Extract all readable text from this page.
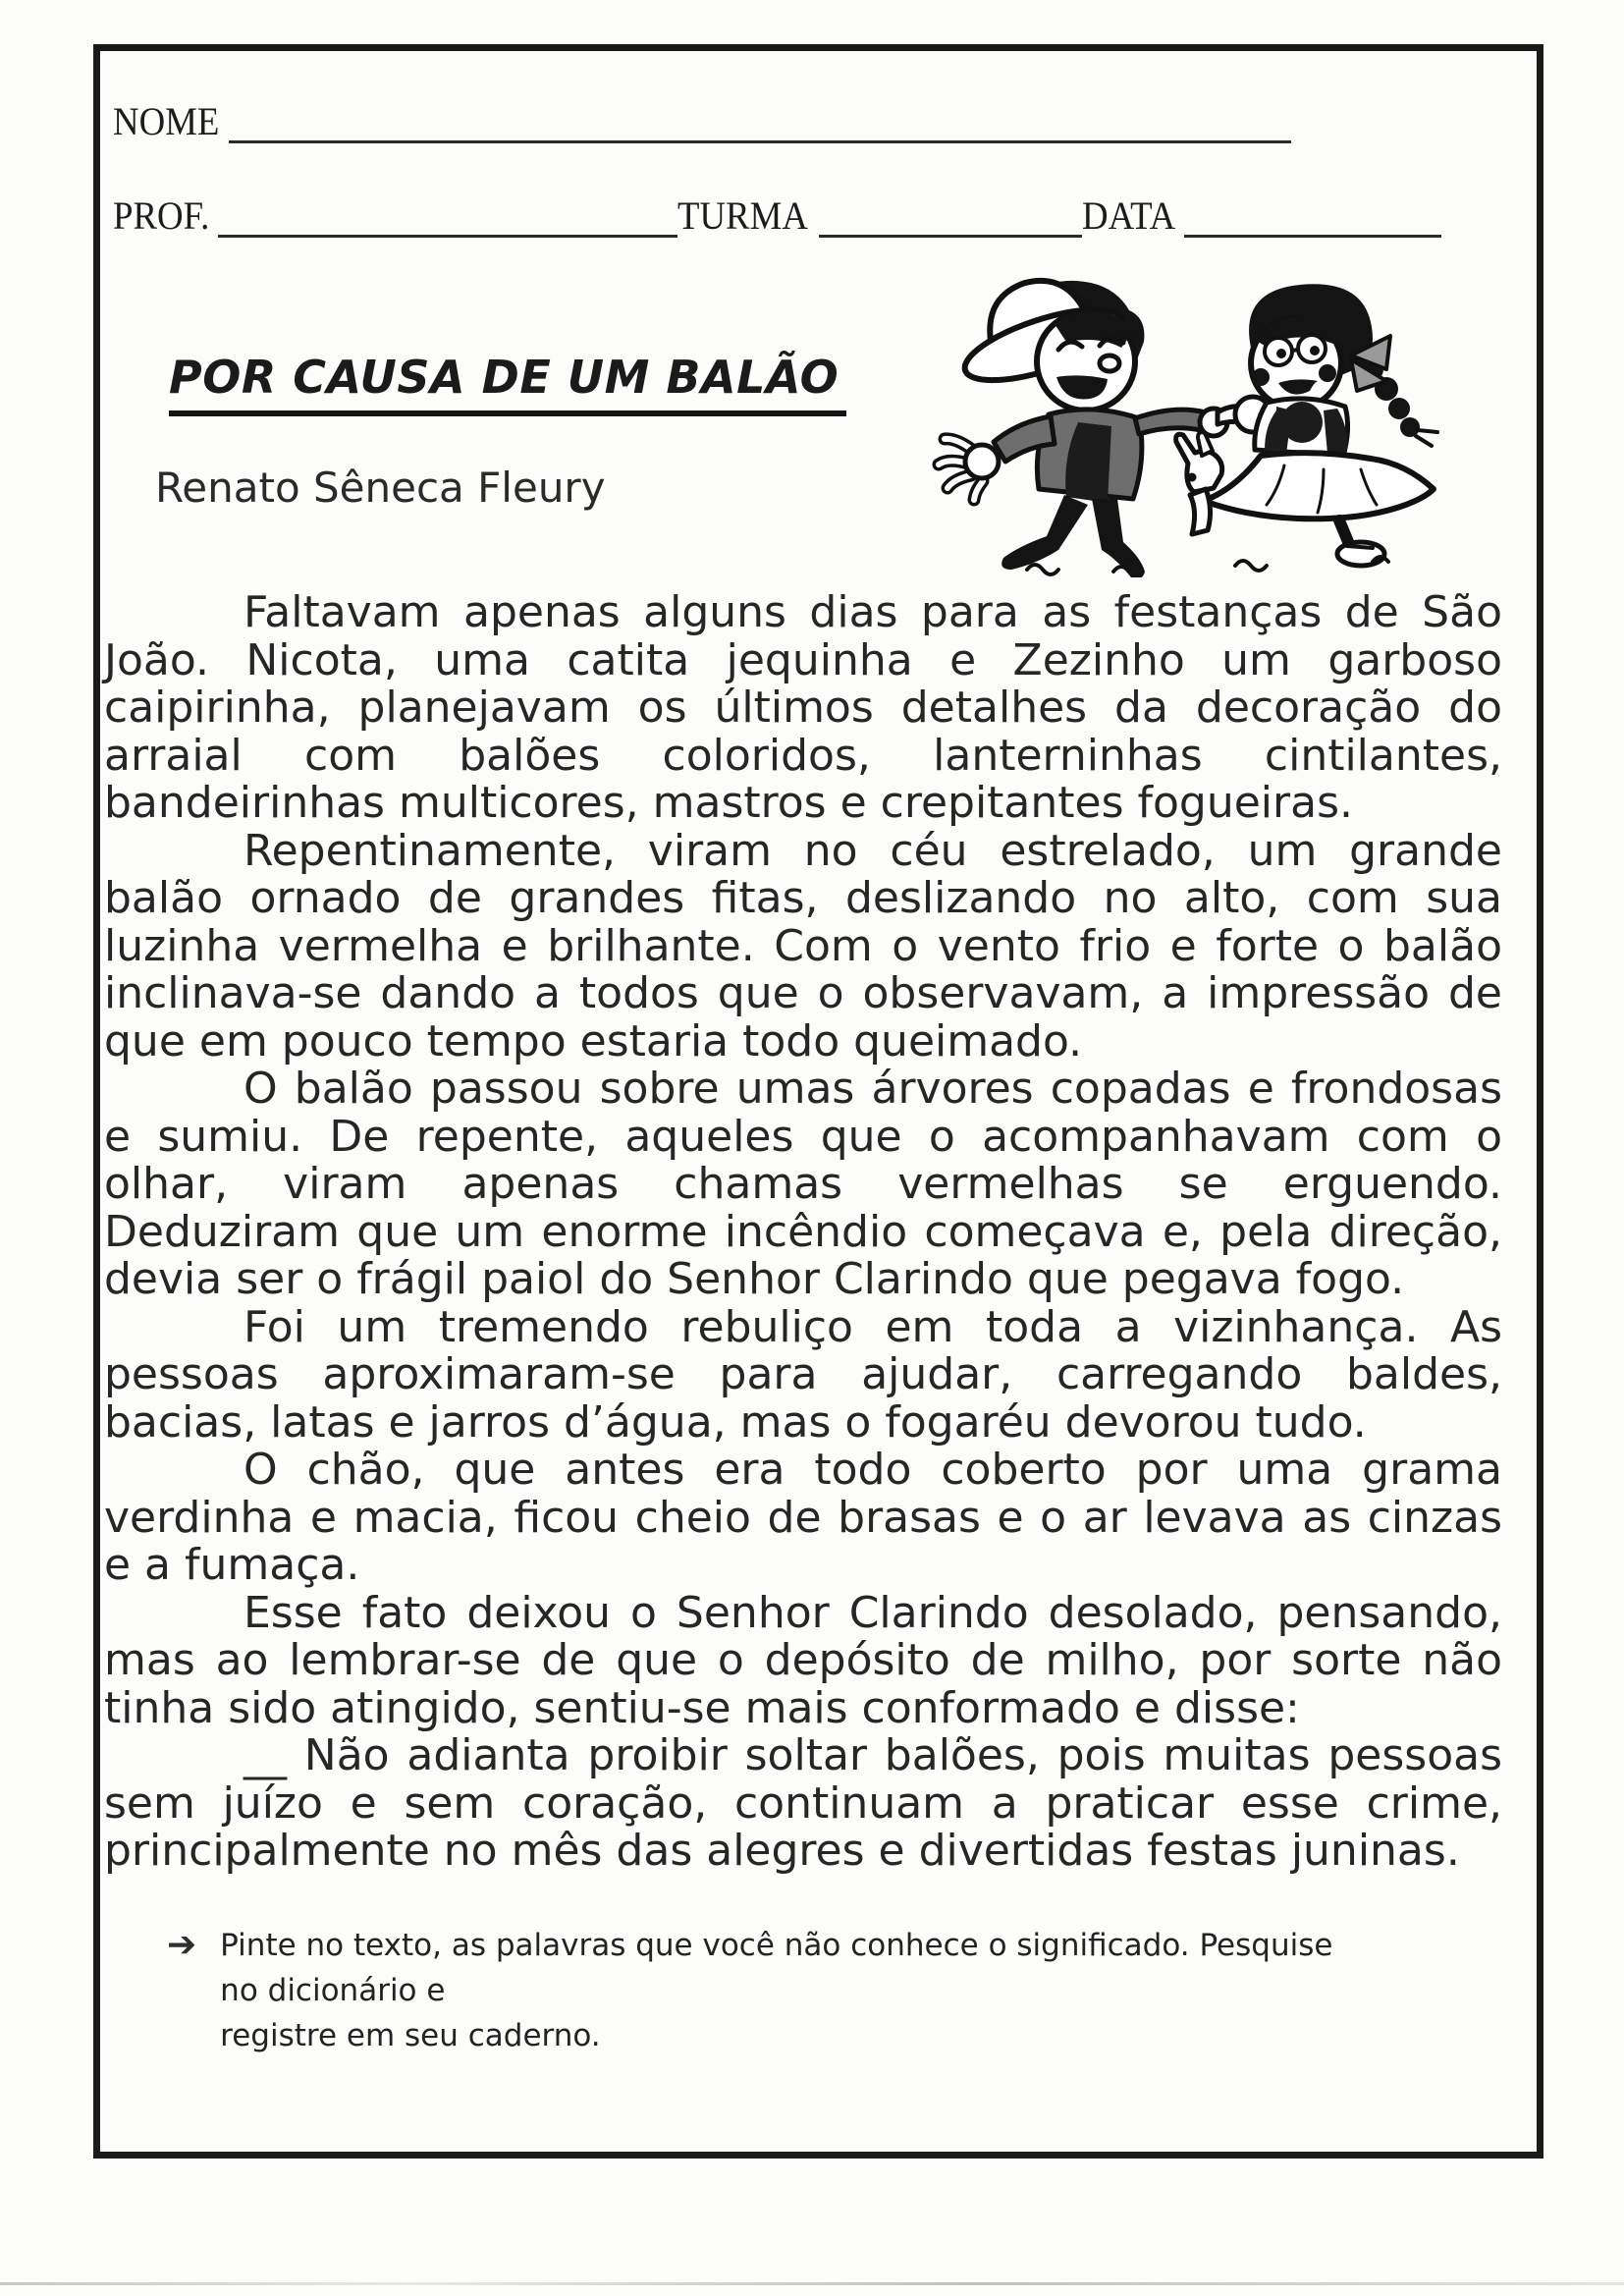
NOME
PROF.	TURMA	DATA
POR CAUSA DE UM BALÃO
Renato Sêneca Fleury

Faltavam apenas alguns dias para as festanças de São João. Nicota, uma catita jequinha e Zezinho um garboso caipirinha, planejavam os últimos detalhes da decoração do arraial com balões coloridos, lanterninhas cintilantes, bandeirinhas multicores, mastros e crepitantes fogueiras.

Repentinamente, viram no céu estrelado, um grande balão ornado de grandes fitas, deslizando no alto, com sua luzinha vermelha e brilhante. Com o vento frio e forte o balão inclinava-se dando a todos que o observavam, a impressão de que em pouco tempo estaria todo queimado.

O balão passou sobre umas árvores copadas e frondosas e sumiu. De repente, aqueles que o acompanhavam com o olhar, viram apenas chamas vermelhas se erguendo. Deduziram que um enorme incêndio começava e, pela direção, devia ser o frágil paiol do Senhor Clarindo que pegava fogo.

Foi um tremendo rebuliço em toda a vizinhança. As pessoas aproximaram-se para ajudar, carregando baldes, bacias, latas e jarros d’água, mas o fogaréu devorou tudo.

O chão, que antes era todo coberto por uma grama verdinha e macia, ficou cheio de brasas e o ar levava as cinzas e a fumaça.

Esse fato deixou o Senhor Clarindo desolado, pensando, mas ao lembrar-se de que o depósito de milho, por sorte não tinha sido atingido, sentiu-se mais conformado e disse:

__ Não adianta proibir soltar balões, pois muitas pessoas sem juízo e sem coração, continuam a praticar esse crime, principalmente no mês das alegres e divertidas festas juninas.

➔ Pinte no texto, as palavras que você não conhece o significado. Pesquise no dicionário e
registre em seu caderno.
